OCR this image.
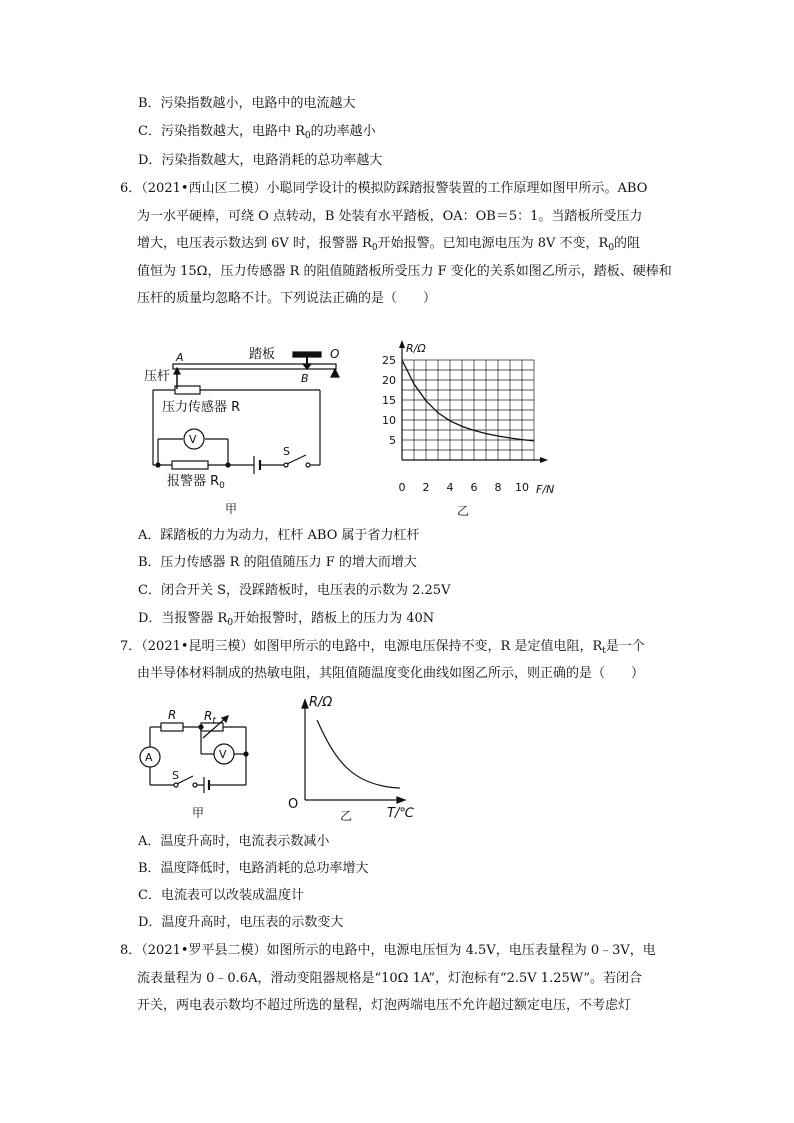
B．污染指数越小，电路中的电流越大
C．污染指数越大，电路中 $R_0$的功率越小
D．污染指数越大，电路消耗的总功率越大
6．（2021•西山区二模）小聪同学设计的模拟防踩踏报警装置的工作原理如图甲所示。ABO
为一水平硬棒，可绕 O 点转动，B 处装有水平踏板，OA：OB＝5：1。当踏板所受压力
增大，电压表示数达到 6V 时，报警器 $R_0$开始报警。已知电源电压为 8V 不变，$R_0$的阻
值恒为 15Ω，压力传感器 R 的阻值随踏板所受压力 F 变化的关系如图乙所示，踏板、硬棒和
压杆的质量均忽略不计。下列说法正确的是（　　）
A	踏板	O
B
压杆
压力传感器 R
V
S
报警器 $R_0$
甲
R/Ω
F/N
25
20
15
10
5
0 2 4 6 8 10
乙
R $R_t$
A	V
S
甲
R/Ω
O
乙	T/℃
A．踩踏板的力为动力，杠杆 ABO 属于省力杠杆
B．压力传感器 R 的阻值随压力 F 的增大而增大
C．闭合开关 S，没踩踏板时，电压表的示数为 2.25V
D．当报警器 $R_0$开始报警时，踏板上的压力为 40N
7．（2021•昆明三模）如图甲所示的电路中，电源电压保持不变，R 是定值电阻，$R_t$是一个
由半导体材料制成的热敏电阻，其阻值随温度变化曲线如图乙所示，则正确的是（　　）
A．温度升高时，电流表示数减小
B．温度降低时，电路消耗的总功率增大
C．电流表可以改装成温度计
D．温度升高时，电压表的示数变大
8．（2021•罗平县二模）如图所示的电路中，电源电压恒为 4.5V，电压表量程为 0﹣3V，电
流表量程为 0﹣0.6A，滑动变阻器规格是“10Ω 1A”，灯泡标有“2.5V 1.25W”。若闭合
开关，两电表示数均不超过所选的量程，灯泡两端电压不允许超过额定电压，不考虑灯
